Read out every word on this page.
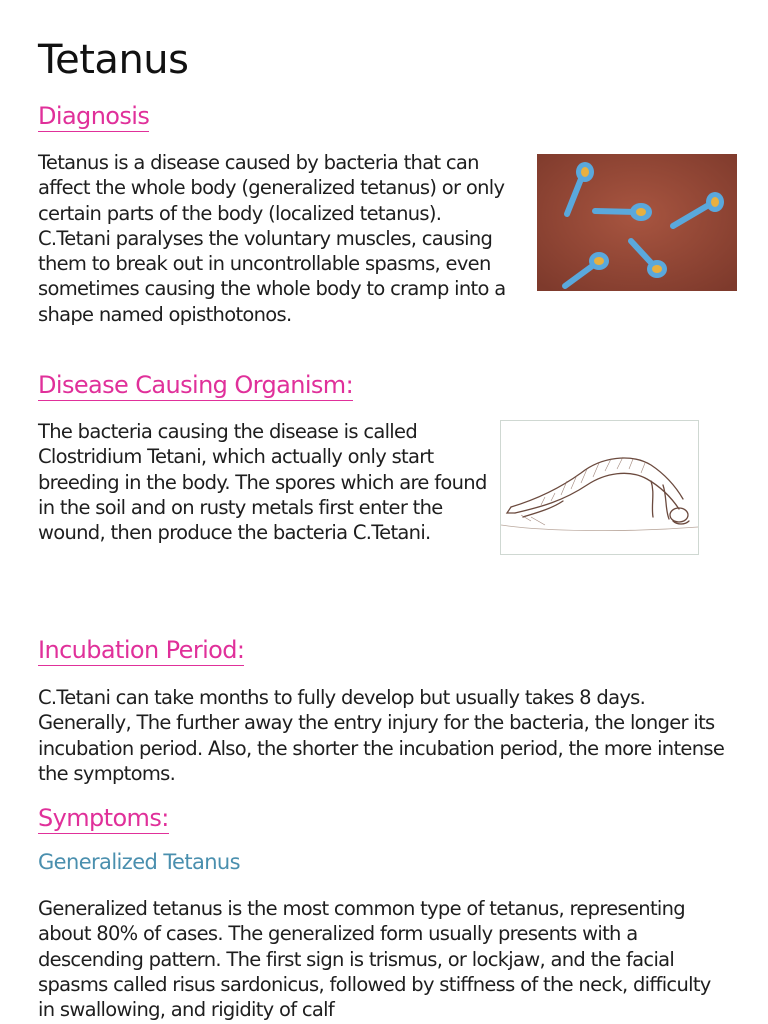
Tetanus
Diagnosis
Tetanus is a disease caused by bacteria that can affect the whole body (generalized tetanus) or only certain parts of the body (localized tetanus). C.Tetani paralyses the voluntary muscles, causing them to break out in uncontrollable spasms, even sometimes causing the whole body to cramp into a shape named opisthotonos.
Disease Causing Organism:
The bacteria causing the disease is called Clostridium Tetani, which actually only start breeding in the body. The spores which are found in the soil and on rusty metals first enter the wound, then produce the bacteria C.Tetani.
Incubation Period:
C.Tetani can take months to fully develop but usually takes 8 days. Generally, The further away the entry injury for the bacteria, the longer its incubation period. Also, the shorter the incubation period, the more intense the symptoms.
Symptoms:
Generalized Tetanus
Generalized tetanus is the most common type of tetanus, representing about 80% of cases. The generalized form usually presents with a descending pattern. The first sign is trismus, or lockjaw, and the facial spasms called risus sardonicus, followed by stiffness of the neck, difficulty in swallowing, and rigidity of calf
